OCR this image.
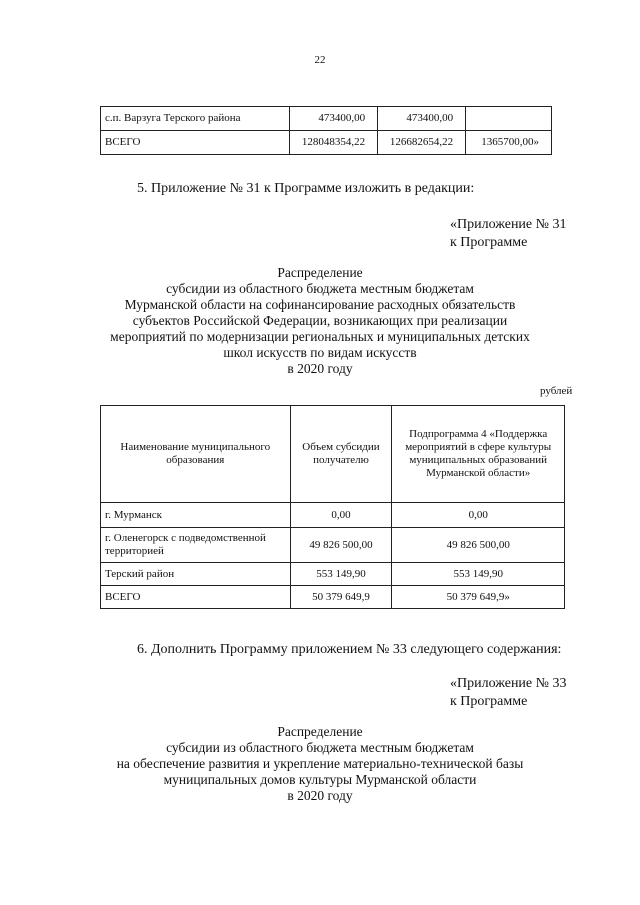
22
с.п. Варзуга Терского района	473400,00	473400,00	
ВСЕГО	128048354,22	126682654,22	1365700,00»
5. Приложение № 31 к Программе изложить в редакции:
«Приложение № 31
к Программе
Распределение
субсидии из областного бюджета местным бюджетам
Мурманской области на софинансирование расходных обязательств
субъектов Российской Федерации, возникающих при реализации
мероприятий по модернизации региональных и муниципальных детских
школ искусств по видам искусств
в 2020 году
рублей
Наименование муниципального образования	Объем субсидии получателю	Подпрограмма 4 «Поддержка мероприятий в сфере культуры муниципальных образований Мурманской области»
г. Мурманск	0,00	0,00
г. Оленегорск с подведомственной территорией	49 826 500,00	49 826 500,00
Терский район	553 149,90	553 149,90
ВСЕГО	50 379 649,9	50 379 649,9»
6. Дополнить Программу приложением № 33 следующего содержания:
«Приложение № 33
к Программе
Распределение
субсидии из областного бюджета местным бюджетам
на обеспечение развития и укрепление материально-технической базы
муниципальных домов культуры Мурманской области
в 2020 году
